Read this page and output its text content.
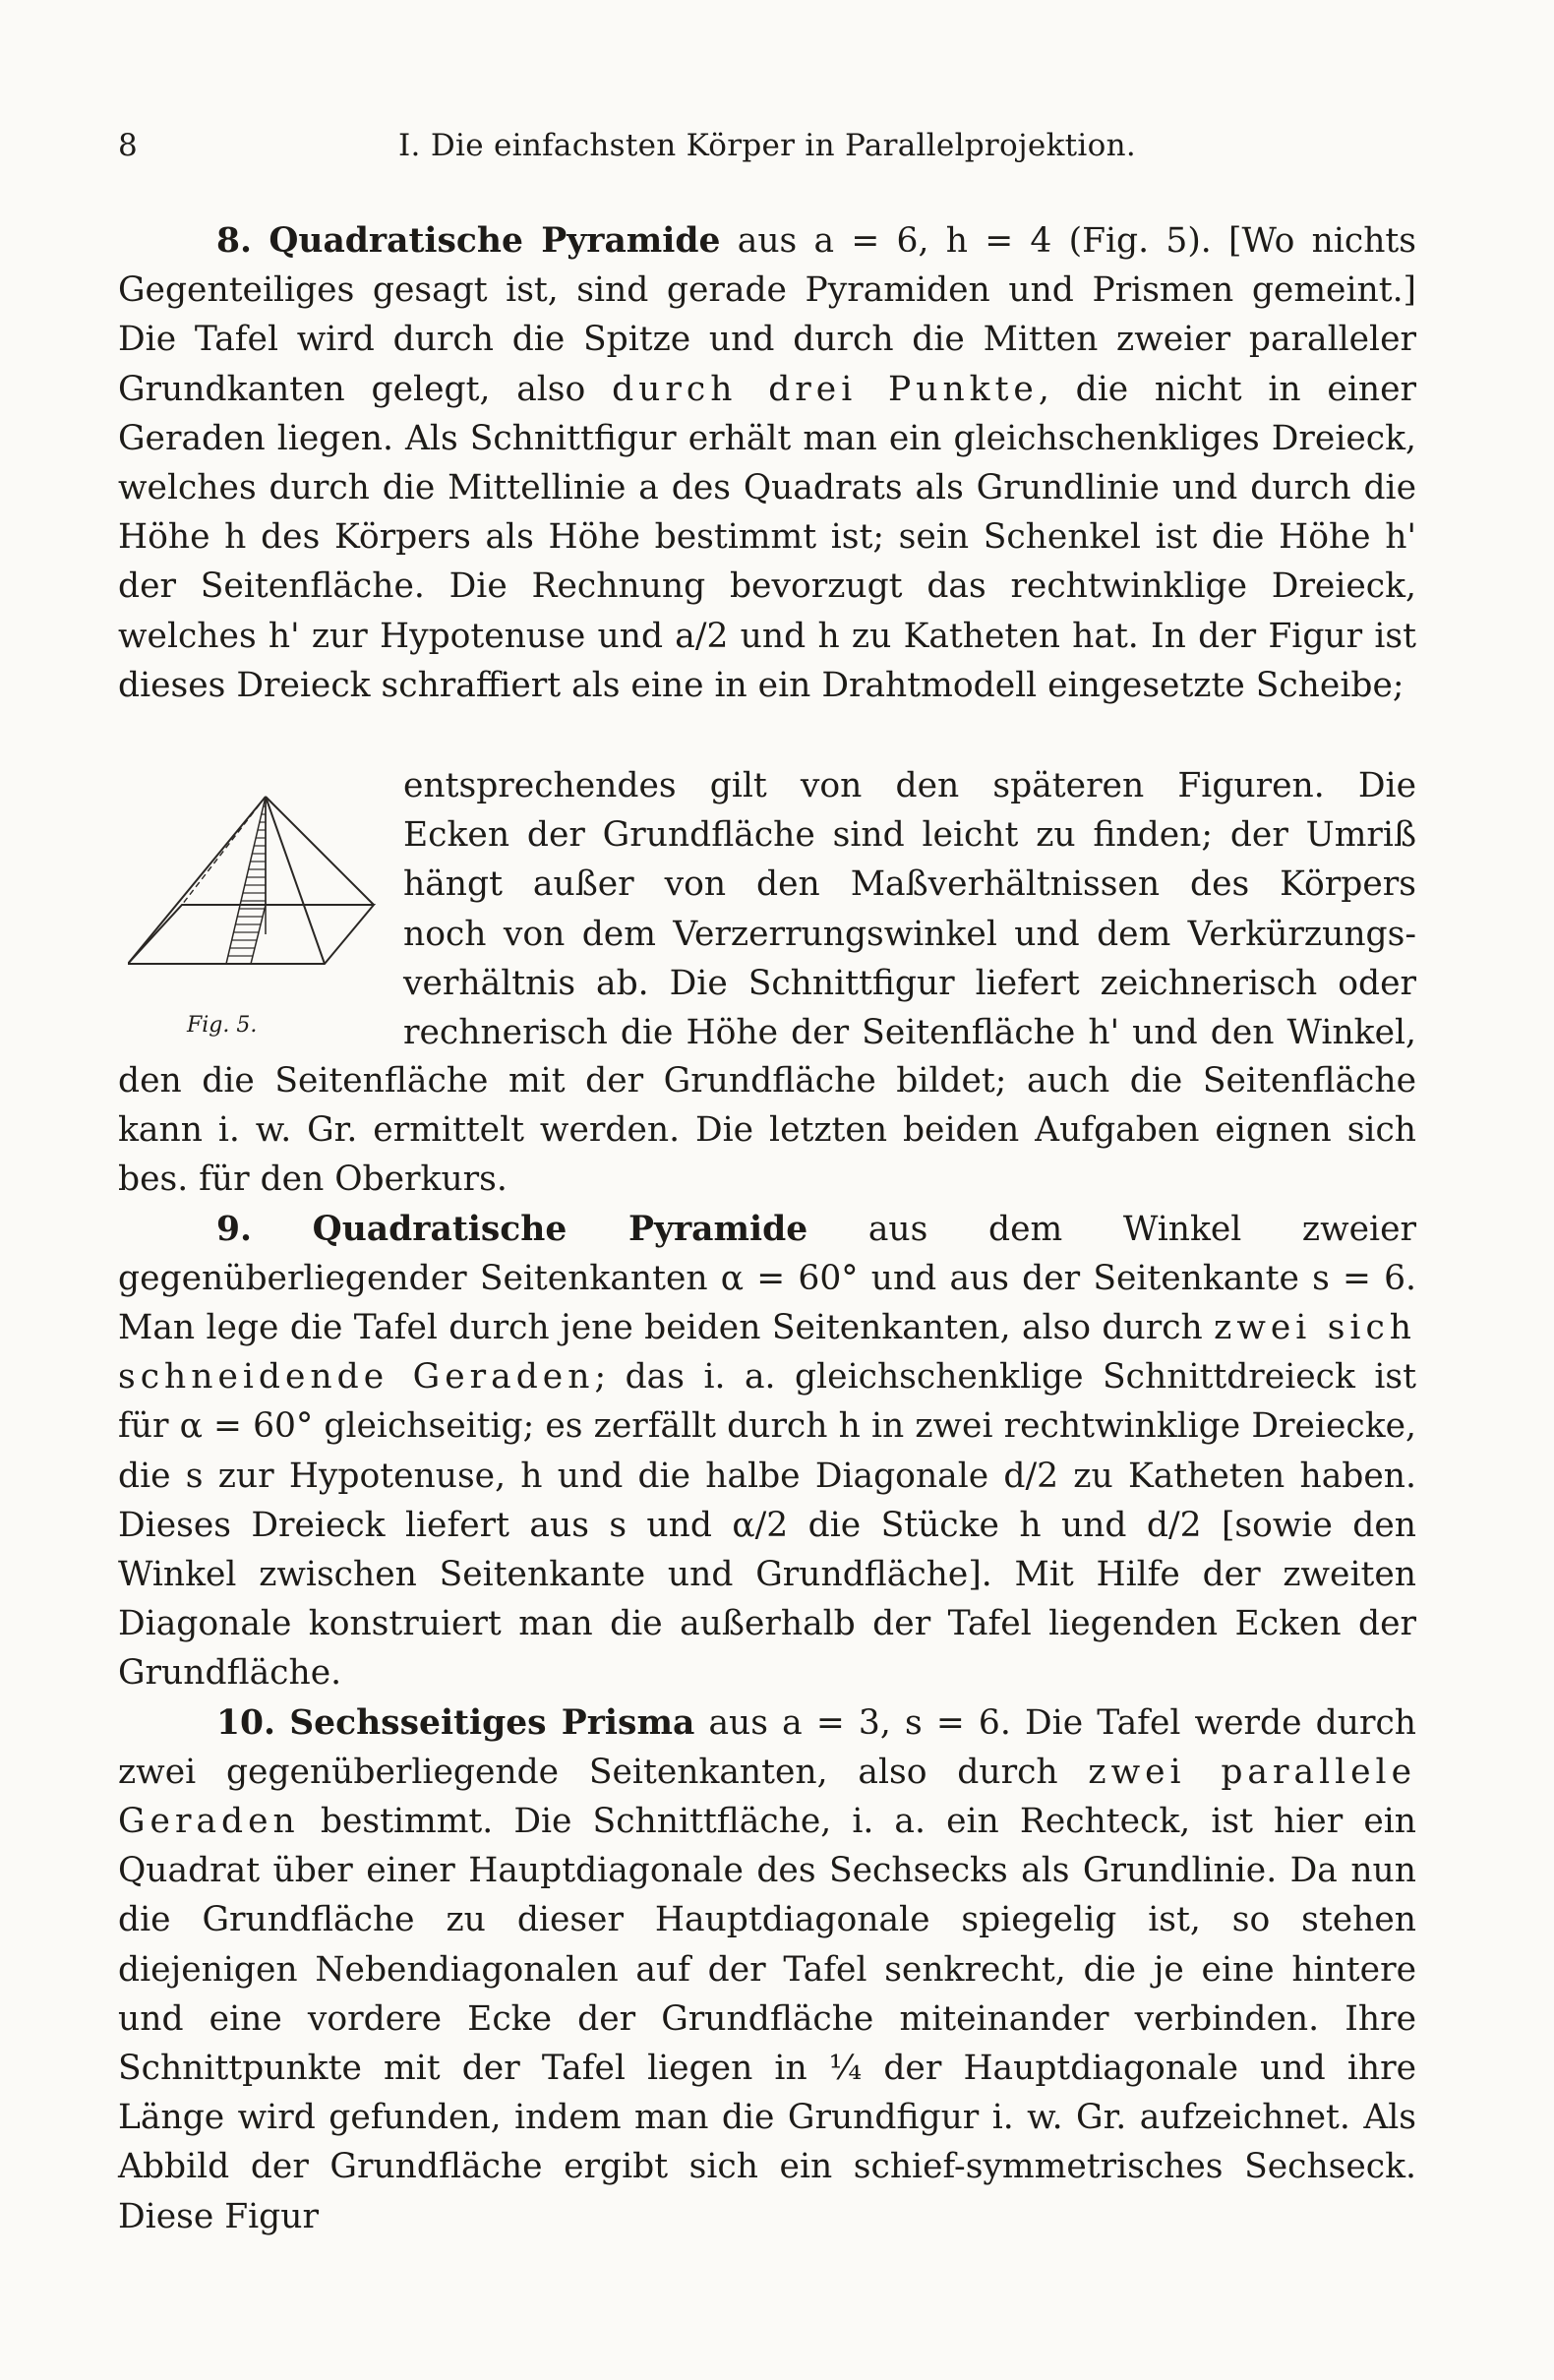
8	I. Die einfachsten Körper in Parallelprojektion.

8. Quadratische Pyramide aus a = 6, h = 4 (Fig. 5). [Wo nichts Gegenteiliges gesagt ist, sind gerade Pyramiden und Prismen gemeint.] Die Tafel wird durch die Spitze und durch die Mitten zweier paralleler Grundkanten gelegt, also durch drei Punkte, die nicht in einer Geraden liegen. Als Schnittfigur erhält man ein gleichschenkliges Dreieck, welches durch die Mittellinie a des Quadrats als Grundlinie und durch die Höhe h des Körpers als Höhe bestimmt ist; sein Schenkel ist die Höhe h' der Seitenfläche. Die Rechnung bevorzugt das rechtwinklige Dreieck, welches h' zur Hypotenuse und a/2 und h zu Katheten hat. In der Figur ist dieses Dreieck schraffiert als eine in ein Drahtmodell eingesetzte Scheibe;

Fig. 5.
entsprechendes gilt von den späteren Figuren. Die
Ecken der Grundfläche sind leicht zu finden; der Umriß
hängt außer von den Maßverhältnissen des Körpers
noch von dem Verzerrungswinkel und dem Verkürzungs-
verhältnis ab. Die Schnittfigur liefert zeichnerisch oder
rechnerisch die Höhe der Seitenfläche h' und den Winkel,

den die Seitenfläche mit der Grundfläche bildet; auch die Seitenfläche kann i. w. Gr. ermittelt werden. Die letzten beiden Aufgaben eignen sich bes. für den Oberkurs.

9. Quadratische Pyramide aus dem Winkel zweier gegenüberliegender Seitenkanten α = 60° und aus der Seitenkante s = 6. Man lege die Tafel durch jene beiden Seitenkanten, also durch zwei sich schneidende Geraden; das i. a. gleichschenklige Schnittdreieck ist für α = 60° gleichseitig; es zerfällt durch h in zwei rechtwinklige Dreiecke, die s zur Hypotenuse, h und die halbe Diagonale d/2 zu Katheten haben. Dieses Dreieck liefert aus s und α/2 die Stücke h und d/2 [sowie den Winkel zwischen Seitenkante und Grundfläche]. Mit Hilfe der zweiten Diagonale konstruiert man die außerhalb der Tafel liegenden Ecken der Grundfläche.

10. Sechsseitiges Prisma aus a = 3, s = 6. Die Tafel werde durch zwei gegenüberliegende Seitenkanten, also durch zwei parallele Geraden bestimmt. Die Schnittfläche, i. a. ein Rechteck, ist hier ein Quadrat über einer Hauptdiagonale des Sechsecks als Grundlinie. Da nun die Grundfläche zu dieser Hauptdiagonale spiegelig ist, so stehen diejenigen Nebendiagonalen auf der Tafel senkrecht, die je eine hintere und eine vordere Ecke der Grundfläche miteinander verbinden. Ihre Schnittpunkte mit der Tafel liegen in ¼ der Hauptdiagonale und ihre Länge wird gefunden, indem man die Grundfigur i. w. Gr. aufzeichnet. Als Abbild der Grundfläche ergibt sich ein schief-symmetrisches Sechseck. Diese Figur
